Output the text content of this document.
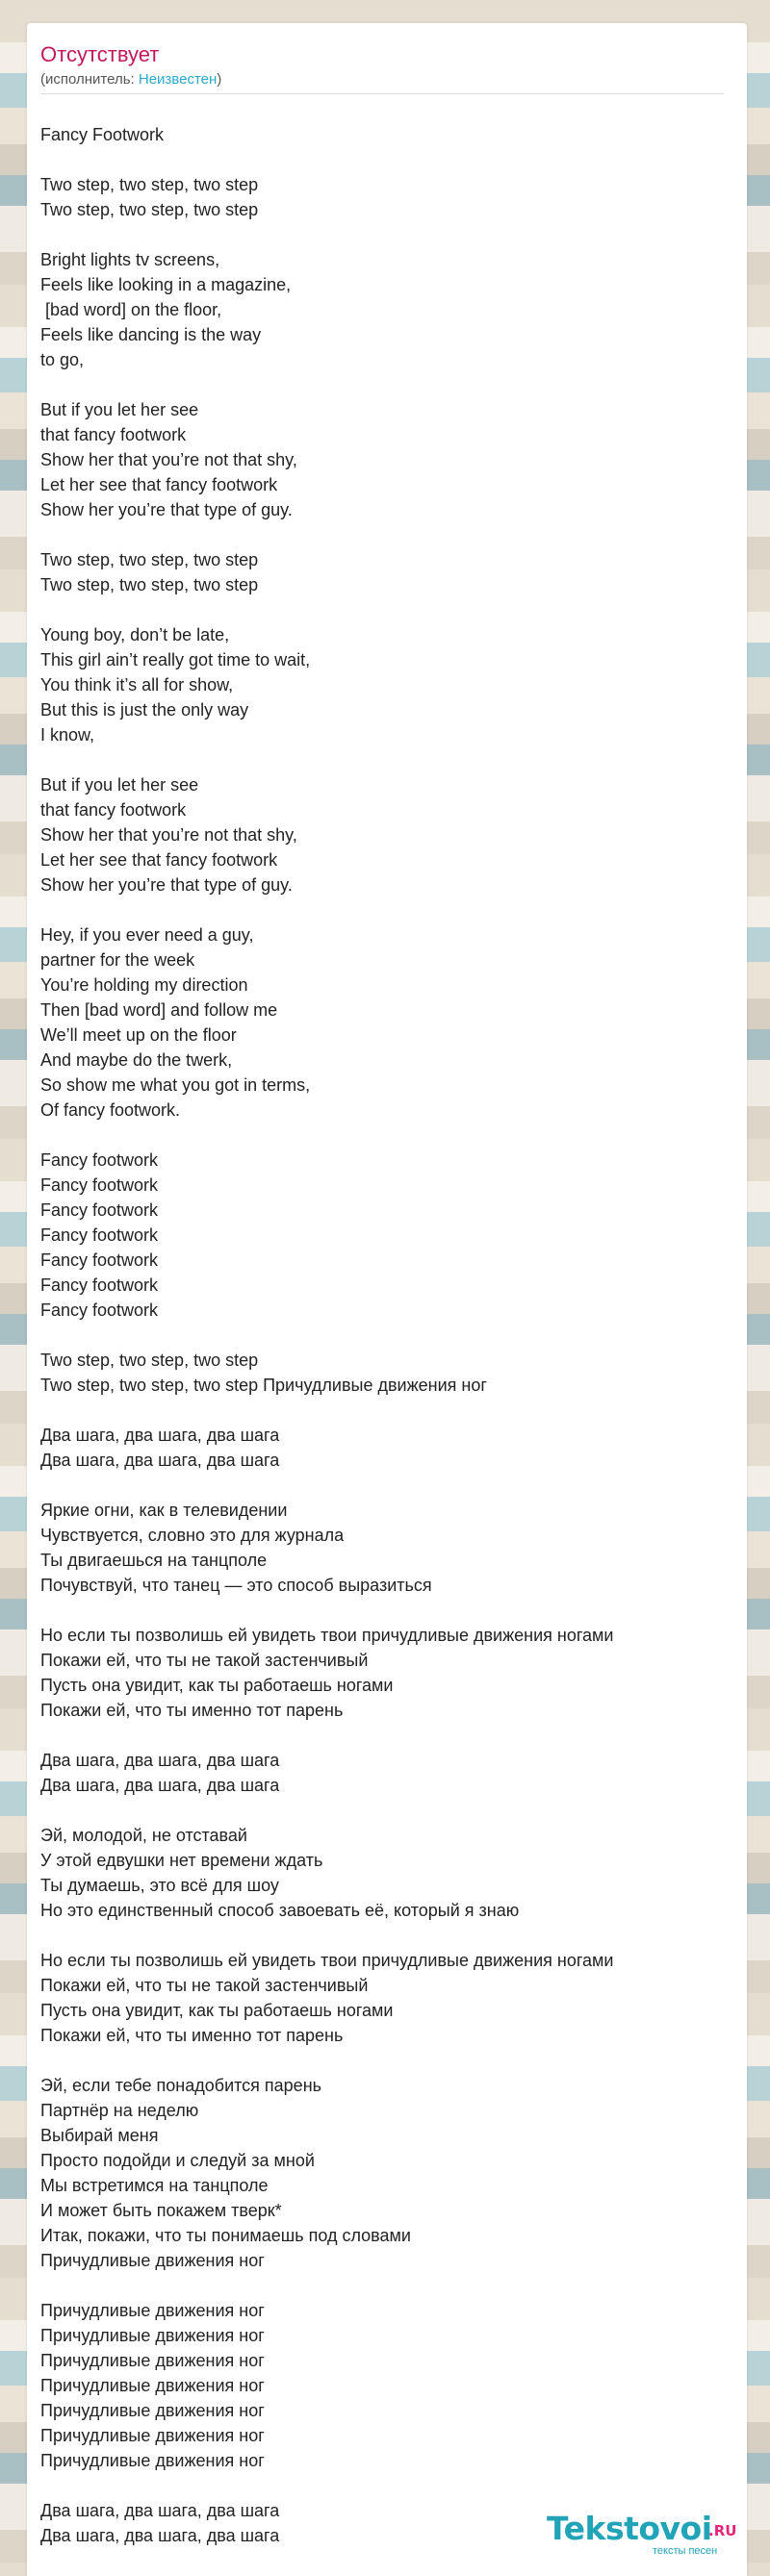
Отсутствует
(исполнитель: Неизвестен)
Fancy Footwork

Two step, two step, two step
Two step, two step, two step

Bright lights tv screens,
Feels like looking in a magazine,
[bad word] on the floor,
Feels like dancing is the way
to go,

But if you let her see
that fancy footwork
Show her that you’re not that shy,
Let her see that fancy footwork
Show her you’re that type of guy.

Two step, two step, two step
Two step, two step, two step

Young boy, don’t be late,
This girl ain’t really got time to wait,
You think it’s all for show,
But this is just the only way
I know,

But if you let her see
that fancy footwork
Show her that you’re not that shy,
Let her see that fancy footwork
Show her you’re that type of guy.

Hey, if you ever need a guy,
partner for the week
You’re holding my direction
Then [bad word] and follow me
We’ll meet up on the floor
And maybe do the twerk,
So show me what you got in terms,
Of fancy footwork.

Fancy footwork
Fancy footwork
Fancy footwork
Fancy footwork
Fancy footwork
Fancy footwork
Fancy footwork

Two step, two step, two step
Two step, two step, two step Причудливые движения ног

Два шага, два шага, два шага
Два шага, два шага, два шага

Яркие огни, как в телевидении
Чувствуется, словно это для журнала
Ты двигаешься на танцполе
Почувствуй, что танец — это способ выразиться

Но если ты позволишь ей увидеть твои причудливые движения ногами
Покажи ей, что ты не такой застенчивый
Пусть она увидит, как ты работаешь ногами
Покажи ей, что ты именно тот парень

Два шага, два шага, два шага
Два шага, два шага, два шага

Эй, молодой, не отставай
У этой едвушки нет времени ждать
Ты думаешь, это всё для шоу
Но это единственный способ завоевать её, который я знаю

Но если ты позволишь ей увидеть твои причудливые движения ногами
Покажи ей, что ты не такой застенчивый
Пусть она увидит, как ты работаешь ногами
Покажи ей, что ты именно тот парень

Эй, если тебе понадобится парень
Партнёр на неделю
Выбирай меня
Просто подойди и следуй за мной
Мы встретимся на танцполе
И может быть покажем тверк*
Итак, покажи, что ты понимаешь под словами
Причудливые движения ног

Причудливые движения ног
Причудливые движения ног
Причудливые движения ног
Причудливые движения ног
Причудливые движения ног
Причудливые движения ног
Причудливые движения ног

Два шага, два шага, два шага
Два шага, два шага, два шага	Tekstovoi
.RU
тексты песен
